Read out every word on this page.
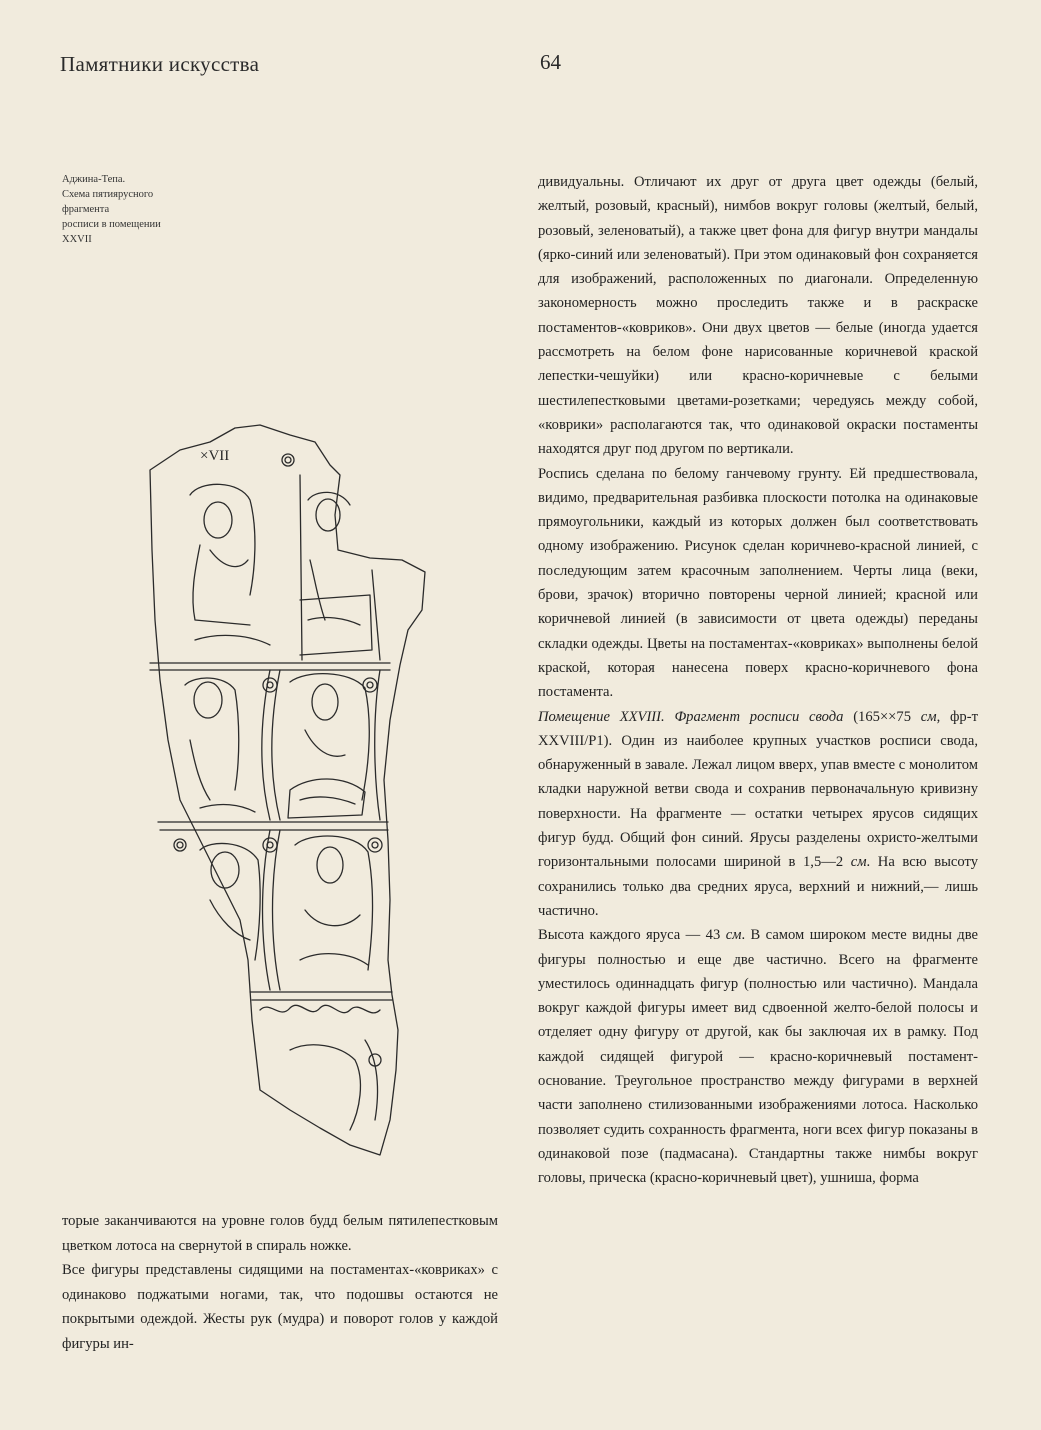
Памятники искусства	64
Аджина-Тепа.
Схема пятиярусного
фрагмента
росписи в помещении
XXVII
×VII

торые заканчиваются на уровне голов будд белым пятилепестковым цветком лотоса на свернутой в спираль ножке.

Все фигуры представлены сидящими на постаментах-«ковриках» с одинаково поджатыми ногами, так, что подошвы остаются не покрытыми одеждой. Жесты рук (мудра) и поворот голов у каждой фигуры ин-

дивидуальны. Отличают их друг от друга цвет одежды (белый, желтый, розовый, красный), нимбов вокруг головы (желтый, белый, розовый, зеленоватый), а также цвет фона для фигур внутри мандалы (ярко-синий или зеленоватый). При этом одинаковый фон сохраняется для изображений, расположенных по диагонали. Определенную закономерность можно проследить также и в раскраске постаментов-«ковриков». Они двух цветов — белые (иногда удается рассмотреть на белом фоне нарисованные коричневой краской лепестки-чешуйки) или красно-коричневые с белыми шестилепестковыми цветами-розетками; чередуясь между собой, «коврики» располагаются так, что одинаковой окраски постаменты находятся друг под другом по вертикали.

Роспись сделана по белому ганчевому грунту. Ей предшествовала, видимо, предварительная разбивка плоскости потолка на одинаковые прямоугольники, каждый из которых должен был соответствовать одному изображению. Рисунок сделан коричнево-красной линией, с последующим затем красочным заполнением. Черты лица (веки, брови, зрачок) вторично повторены черной линией; красной или коричневой линией (в зависимости от цвета одежды) переданы складки одежды. Цветы на постаментах-«ковриках» выполнены белой краской, которая нанесена поверх красно-коричневого фона постамента.

Помещение XXVIII. Фрагмент росписи свода (165××75 см, фр-т XXVIII/P1). Один из наиболее крупных участков росписи свода, обнаруженный в завале. Лежал лицом вверх, упав вместе с монолитом кладки наружной ветви свода и сохранив первоначальную кривизну поверхности. На фрагменте — остатки четырех ярусов сидящих фигур будд. Общий фон синий. Ярусы разделены охристо-желтыми горизонтальными полосами шириной в 1,5—2 см. На всю высоту сохранились только два средних яруса, верхний и нижний,— лишь частично.

Высота каждого яруса — 43 см. В самом широком месте видны две фигуры полностью и еще две частично. Всего на фрагменте уместилось одиннадцать фигур (полностью или частично). Мандала вокруг каждой фигуры имеет вид сдвоенной желто-белой полосы и отделяет одну фигуру от другой, как бы заключая их в рамку. Под каждой сидящей фигурой — красно-коричневый постамент-основание. Треугольное пространство между фигурами в верхней части заполнено стилизованными изображениями лотоса. Насколько позволяет судить сохранность фрагмента, ноги всех фигур показаны в одинаковой позе (падмасана). Стандартны также нимбы вокруг головы, прическа (красно-коричневый цвет), ушниша, форма
